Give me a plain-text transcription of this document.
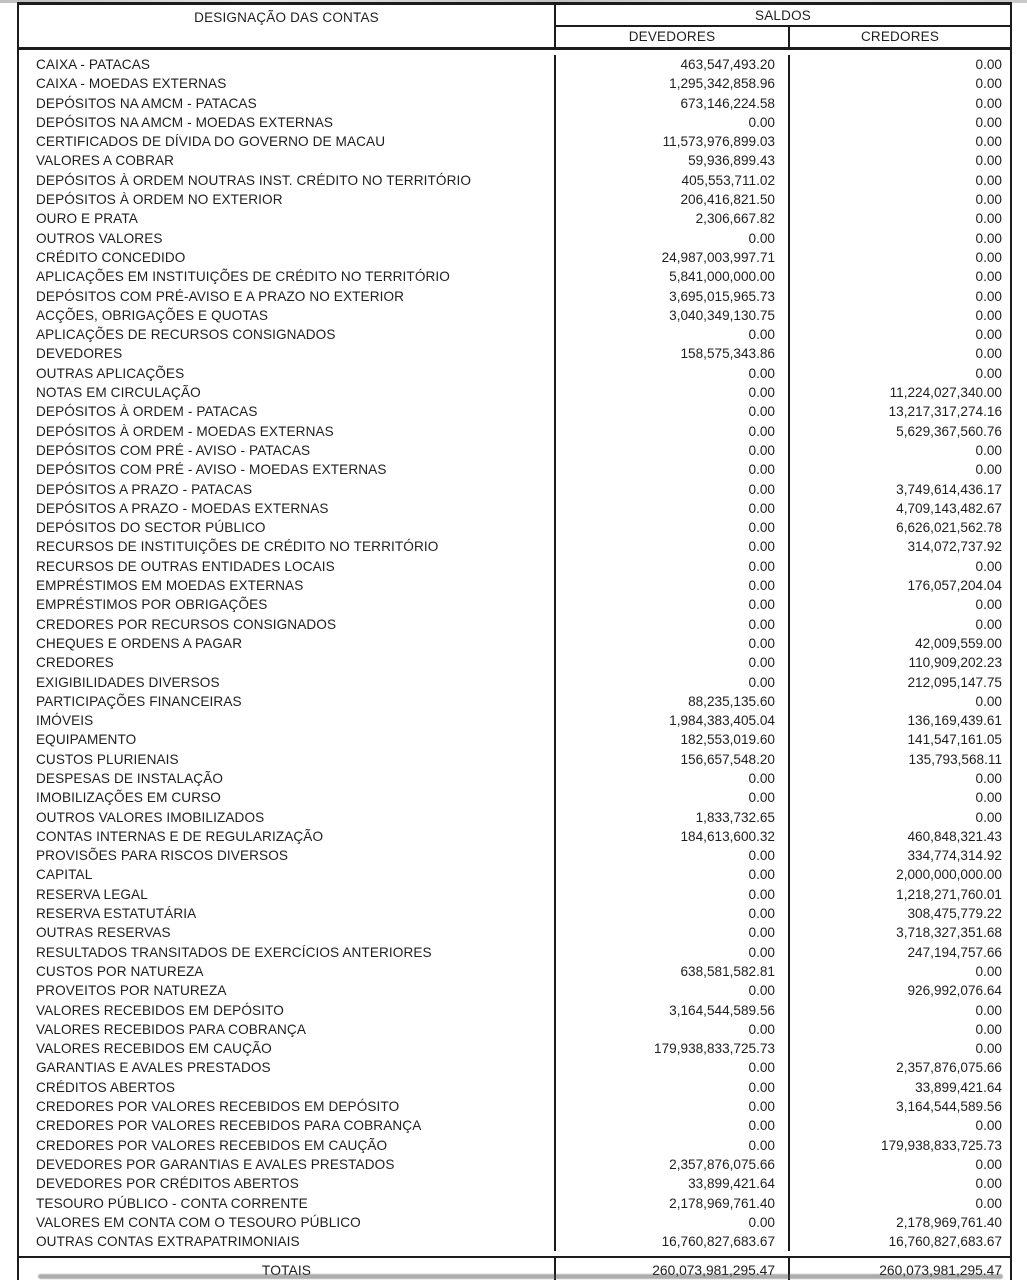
DESIGNAÇÃO DAS CONTAS	SALDOS
DEVEDORES	CREDORES
CAIXA - PATACAS	463,547,493.20	0.00
CAIXA - MOEDAS EXTERNAS	1,295,342,858.96	0.00
DEPÓSITOS NA AMCM - PATACAS	673,146,224.58	0.00
DEPÓSITOS NA AMCM - MOEDAS EXTERNAS	0.00	0.00
CERTIFICADOS DE DÍVIDA DO GOVERNO DE MACAU	11,573,976,899.03	0.00
VALORES A COBRAR	59,936,899.43	0.00
DEPÓSITOS À ORDEM NOUTRAS INST. CRÉDITO NO TERRITÓRIO	405,553,711.02	0.00
DEPÓSITOS À ORDEM NO EXTERIOR	206,416,821.50	0.00
OURO E PRATA	2,306,667.82	0.00
OUTROS VALORES	0.00	0.00
CRÉDITO CONCEDIDO	24,987,003,997.71	0.00
APLICAÇÕES EM INSTITUIÇÕES DE CRÉDITO NO TERRITÓRIO	5,841,000,000.00	0.00
DEPÓSITOS COM PRÉ-AVISO E A PRAZO NO EXTERIOR	3,695,015,965.73	0.00
ACÇÕES, OBRIGAÇÕES E QUOTAS	3,040,349,130.75	0.00
APLICAÇÕES DE RECURSOS CONSIGNADOS	0.00	0.00
DEVEDORES	158,575,343.86	0.00
OUTRAS APLICAÇÕES	0.00	0.00
NOTAS EM CIRCULAÇÃO	0.00	11,224,027,340.00
DEPÓSITOS À ORDEM - PATACAS	0.00	13,217,317,274.16
DEPÓSITOS À ORDEM - MOEDAS EXTERNAS	0.00	5,629,367,560.76
DEPÓSITOS COM PRÉ - AVISO - PATACAS	0.00	0.00
DEPÓSITOS COM PRÉ - AVISO - MOEDAS EXTERNAS	0.00	0.00
DEPÓSITOS A PRAZO - PATACAS	0.00	3,749,614,436.17
DEPÓSITOS A PRAZO - MOEDAS EXTERNAS	0.00	4,709,143,482.67
DEPÓSITOS DO SECTOR PÚBLICO	0.00	6,626,021,562.78
RECURSOS DE INSTITUIÇÕES DE CRÉDITO NO TERRITÓRIO	0.00	314,072,737.92
RECURSOS DE OUTRAS ENTIDADES LOCAIS	0.00	0.00
EMPRÉSTIMOS EM MOEDAS EXTERNAS	0.00	176,057,204.04
EMPRÉSTIMOS POR OBRIGAÇÕES	0.00	0.00
CREDORES POR RECURSOS CONSIGNADOS	0.00	0.00
CHEQUES E ORDENS A PAGAR	0.00	42,009,559.00
CREDORES	0.00	110,909,202.23
EXIGIBILIDADES DIVERSOS	0.00	212,095,147.75
PARTICIPAÇÕES FINANCEIRAS	88,235,135.60	0.00
IMÓVEIS	1,984,383,405.04	136,169,439.61
EQUIPAMENTO	182,553,019.60	141,547,161.05
CUSTOS PLURIENAIS	156,657,548.20	135,793,568.11
DESPESAS DE INSTALAÇÃO	0.00	0.00
IMOBILIZAÇÕES EM CURSO	0.00	0.00
OUTROS VALORES IMOBILIZADOS	1,833,732.65	0.00
CONTAS INTERNAS E DE REGULARIZAÇÃO	184,613,600.32	460,848,321.43
PROVISÕES PARA RISCOS DIVERSOS	0.00	334,774,314.92
CAPITAL	0.00	2,000,000,000.00
RESERVA LEGAL	0.00	1,218,271,760.01
RESERVA ESTATUTÁRIA	0.00	308,475,779.22
OUTRAS RESERVAS	0.00	3,718,327,351.68
RESULTADOS TRANSITADOS DE EXERCÍCIOS ANTERIORES	0.00	247,194,757.66
CUSTOS POR NATUREZA	638,581,582.81	0.00
PROVEITOS POR NATUREZA	0.00	926,992,076.64
VALORES RECEBIDOS EM DEPÓSITO	3,164,544,589.56	0.00
VALORES RECEBIDOS PARA COBRANÇA	0.00	0.00
VALORES RECEBIDOS EM CAUÇÃO	179,938,833,725.73	0.00
GARANTIAS E AVALES PRESTADOS	0.00	2,357,876,075.66
CRÉDITOS ABERTOS	0.00	33,899,421.64
CREDORES POR VALORES RECEBIDOS EM DEPÓSITO	0.00	3,164,544,589.56
CREDORES POR VALORES RECEBIDOS PARA COBRANÇA	0.00	0.00
CREDORES POR VALORES RECEBIDOS EM CAUÇÃO	0.00	179,938,833,725.73
DEVEDORES POR GARANTIAS E AVALES PRESTADOS	2,357,876,075.66	0.00
DEVEDORES POR CRÉDITOS ABERTOS	33,899,421.64	0.00
TESOURO PÚBLICO - CONTA CORRENTE	2,178,969,761.40	0.00
VALORES EM CONTA COM O TESOURO PÚBLICO	0.00	2,178,969,761.40
OUTRAS CONTAS EXTRAPATRIMONIAIS	16,760,827,683.67	16,760,827,683.67
TOTAIS	260,073,981,295.47	260,073,981,295.47
